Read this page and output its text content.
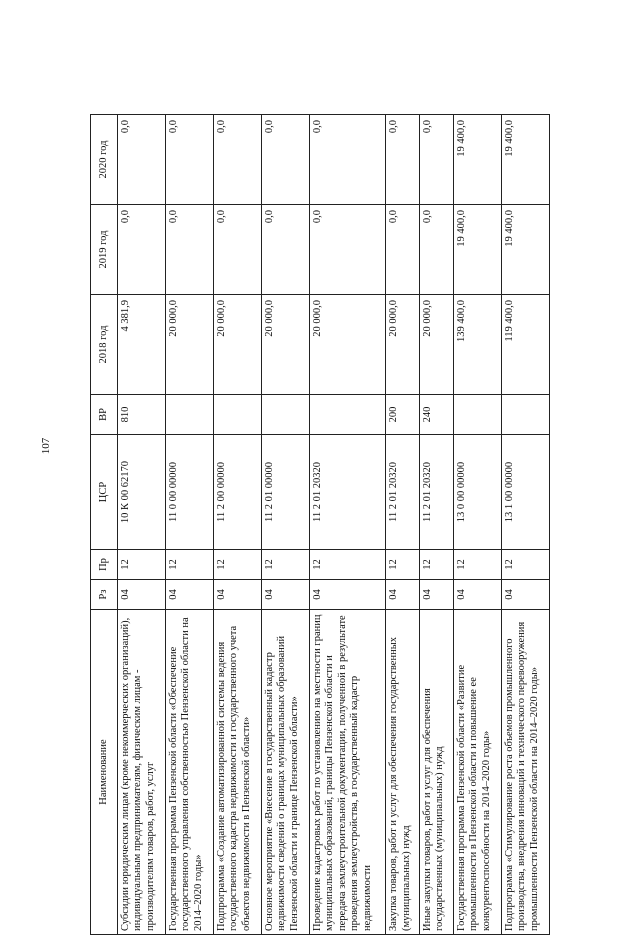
107
Наименование	Рз	Пр	ЦСР	ВР	2018 год	2019 год	2020 год
Субсидии юридическим лицам (кроме некоммерческих организаций), индивидуальным предпринимателям, физическим лицам - производителям товаров, работ, услуг	04	12	10 К 00 62170	810	4 381,9	0,0	0,0
Государственная программа Пензенской области «Обеспечение государственного управления собственностью Пензенской области на 2014–2020 годы»	04	12	11 0 00 00000		20 000,0	0,0	0,0
Подпрограмма «Создание автоматизированной системы ведения государственного кадастра недвижимости и государственного учета объектов недвижимости в Пензенской области»	04	12	11 2 00 00000		20 000,0	0,0	0,0
Основное мероприятие «Внесение в государственный кадастр недвижимости сведений о границах муниципальных образований Пензенской области и границе Пензенской области»	04	12	11 2 01 00000		20 000,0	0,0	0,0
Проведение кадастровых работ по установлению на местности границ муниципальных образований, границы Пензенской области и передача землеустроительной документации, полученной в результате проведения землеустройства, в государственный кадастр недвижимости	04	12	11 2 01 20320		20 000,0	0,0	0,0
Закупка товаров, работ и услуг для обеспечения государственных (муниципальных) нужд	04	12	11 2 01 20320	200	20 000,0	0,0	0,0
Иные закупки товаров, работ и услуг для обеспечения государственных (муниципальных) нужд	04	12	11 2 01 20320	240	20 000,0	0,0	0,0
Государственная программа Пензенской области «Развитие промышленности в Пензенской области и повышение ее конкурентоспособности на 2014–2020 годы»	04	12	13 0 00 00000		139 400,0	19 400,0	19 400,0
Подпрограмма «Стимулирование роста объемов промышленного производства, внедрения инноваций и технического перевооружения промышленности Пензенской области на 2014–2020 годы»	04	12	13 1 00 00000		119 400,0	19 400,0	19 400,0
